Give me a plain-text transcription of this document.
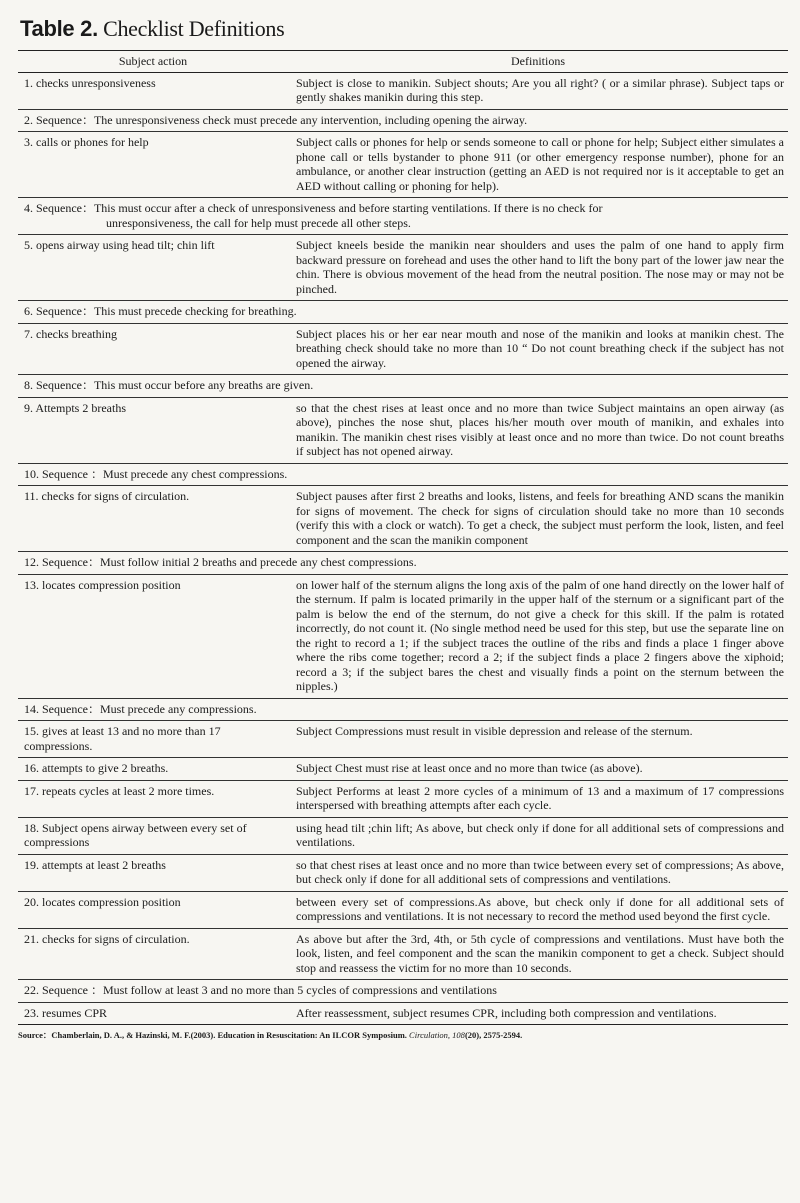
Table 2. Checklist Definitions
Subject action	Definitions
1. checks unresponsiveness	Subject is close to manikin. Subject shouts; Are you all right? ( or a similar phrase). Subject taps or gently shakes manikin during this step.
2. Sequence：The unresponsiveness check must precede any intervention, including opening the airway.	
3. calls or phones for help	Subject calls or phones for help or sends someone to call or phone for help; Subject either simulates a phone call or tells bystander to phone 911 (or other emergency response number), phone for an ambulance, or another clear instruction (getting an AED is not required nor is it acceptable to get an AED without calling or phoning for help).
4. Sequence：This must occur after a check of unresponsiveness and before starting ventilations. If there is no check for
unresponsiveness, the call for help must precede all other steps.	

5. opens airway using head tilt; chin lift	Subject kneels beside the manikin near shoulders and uses the palm of one hand to apply firm backward pressure on forehead and uses the other hand to lift the bony part of the lower jaw near the chin. There is obvious movement of the head from the neutral position. The nose may or may not be pinched.
6. Sequence：This must precede checking for breathing.	
7. checks breathing	Subject places his or her ear near mouth and nose of the manikin and looks at manikin chest. The breathing check should take no more than 10 “ Do not count breathing check if the subject has not opened the airway.
8. Sequence：This must occur before any breaths are given.	
9. Attempts 2 breaths	so that the chest rises at least once and no more than twice Subject maintains an open airway (as above), pinches the nose shut, places his/her mouth over mouth of manikin, and exhales into manikin. The manikin chest rises visibly at least once and no more than twice. Do not count breaths if subject has not opened airway.
10. Sequence ：Must precede any chest compressions.	
11. checks for signs of circulation.	Subject pauses after first 2 breaths and looks, listens, and feels for breathing AND scans the manikin for signs of movement. The check for signs of circulation should take no more than 10 seconds (verify this with a clock or watch). To get a check, the subject must perform the look, listen, and feel component and the scan the manikin component
12. Sequence：Must follow initial 2 breaths and precede any chest compressions.	
13. locates compression position	on lower half of the sternum aligns the long axis of the palm of one hand directly on the lower half of the sternum. If palm is located primarily in the upper half of the sternum or a significant part of the palm is below the end of the sternum, do not give a check for this skill. If the palm is rotated incorrectly, do not count it. (No single method need be used for this step, but use the separate line on the right to record a 1; if the subject traces the outline of the ribs and finds a place 1 finger above where the ribs come together; record a 2; if the subject finds a place 2 fingers above the xiphoid; record a 3; if the subject bares the chest and visually finds a point on the sternum between the nipples.)
14. Sequence：Must precede any compressions.	
15. gives at least 13 and no more than 17 compressions.	Subject Compressions must result in visible depression and release of the sternum.
16. attempts to give 2 breaths.	Subject Chest must rise at least once and no more than twice (as above).
17. repeats cycles at least 2 more times.	Subject Performs at least 2 more cycles of a minimum of 13 and a maximum of 17 compressions interspersed with breathing attempts after each cycle.
18. Subject opens airway between every set of compressions	using head tilt ;chin lift; As above, but check only if done for all additional sets of compressions and ventilations.
19. attempts at least 2 breaths	so that chest rises at least once and no more than twice between every set of compressions; As above, but check only if done for all additional sets of compressions and ventilations.
20. locates compression position	between every set of compressions.As above, but check only if done for all additional sets of compressions and ventilations. It is not necessary to record the method used beyond the first cycle.
21. checks for signs of circulation.	As above but after the 3rd, 4th, or 5th cycle of compressions and ventilations. Must have both the look, listen, and feel component and the scan the manikin component to get a check. Subject should stop and reassess the victim for no more than 10 seconds.
22. Sequence ：Must follow at least 3 and no more than 5 cycles of compressions and ventilations	
23. resumes CPR	After reassessment, subject resumes CPR, including both compression and ventilations.
Source：Chamberlain, D. A., & Hazinski, M. F.(2003). Education in Resuscitation: An ILCOR Symposium. Circulation, 108(20), 2575-2594.
